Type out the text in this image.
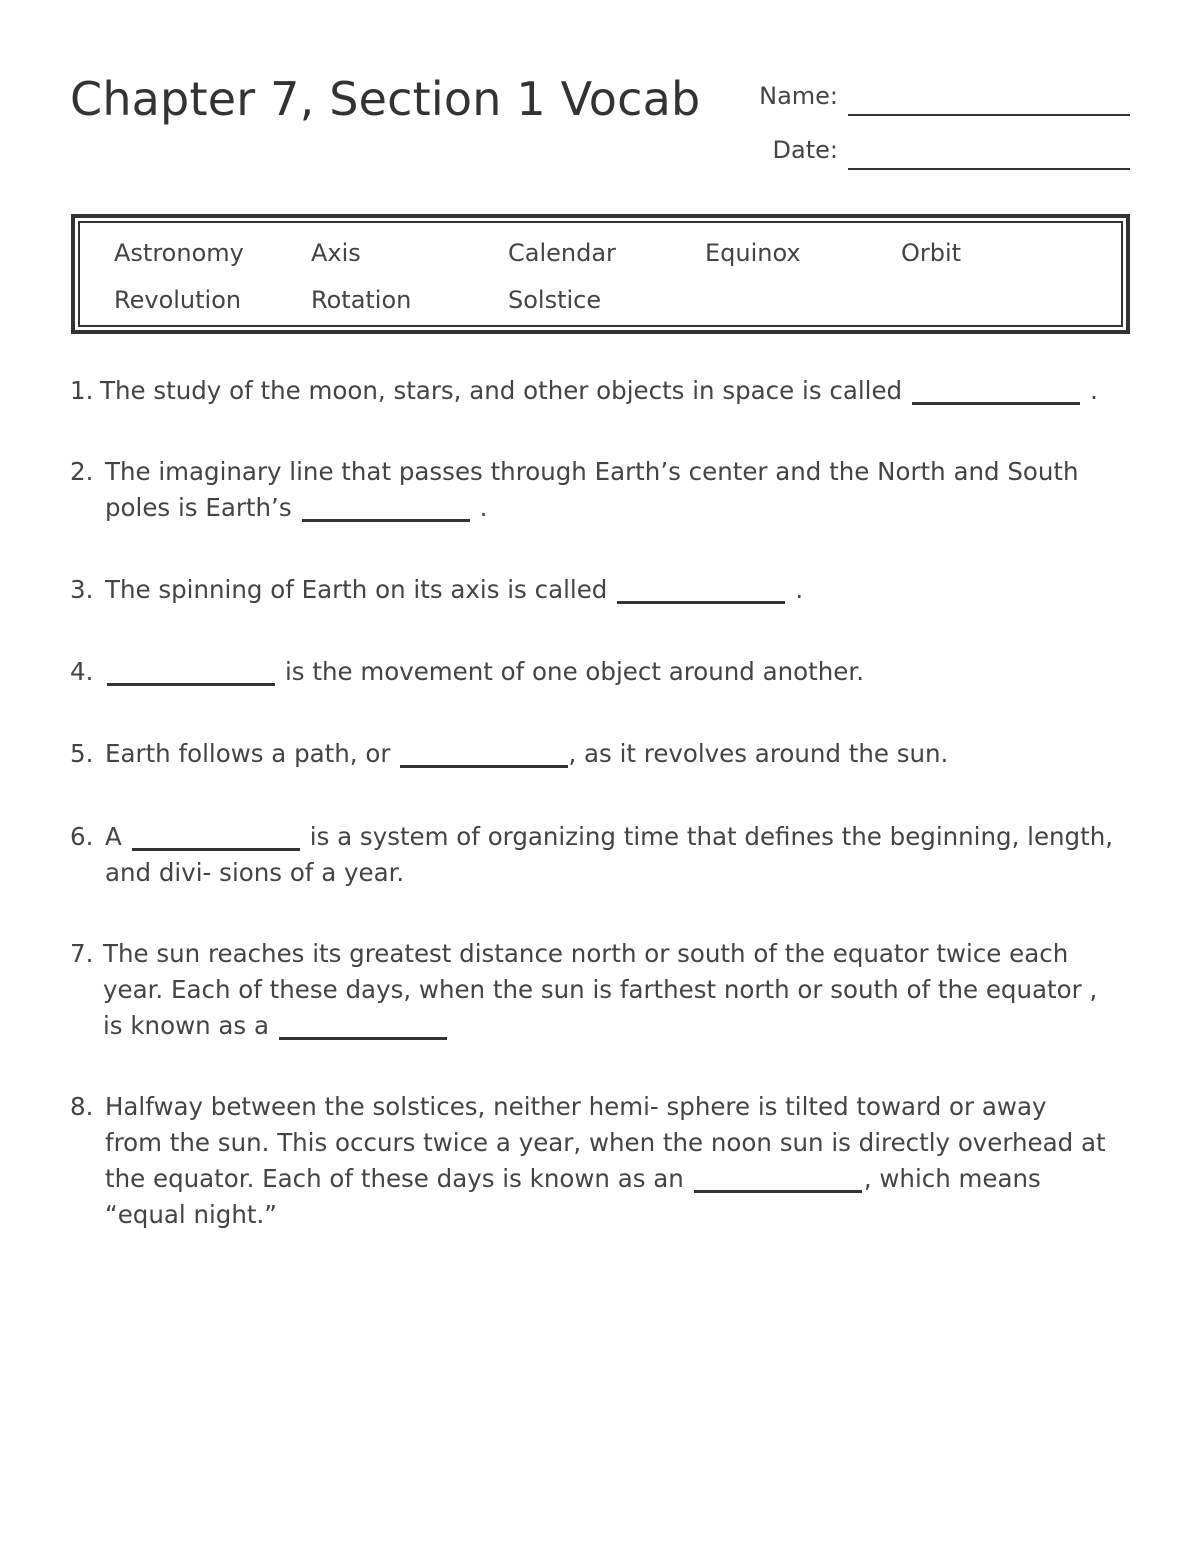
Chapter 7, Section 1 Vocab Name:
Date:
Astronomy	Axis	Calendar	Equinox	Orbit
Revolution	Rotation	Solstice
1. The study of the moon, stars, and other objects in space is called	.
2. The imaginary line that passes through Earth’s center and the North and South poles is Earth’s	.
3. The spinning of Earth on its axis is called	.
4.	is the movement of one object around another.
5. Earth follows a path, or	, as it revolves around the sun.
6. A	is a system of organizing time that defines the beginning, length, and divi- sions of a year.
7. The sun reaches its greatest distance north or south of the equator twice each year. Each of these days, when the sun is farthest north or south of the equator , is known as a
8. Halfway between the solstices, neither hemi- sphere is tilted toward or away from the sun. This occurs twice a year, when the noon sun is directly overhead at the equator. Each of these days is known as an	, which means “equal night.”
